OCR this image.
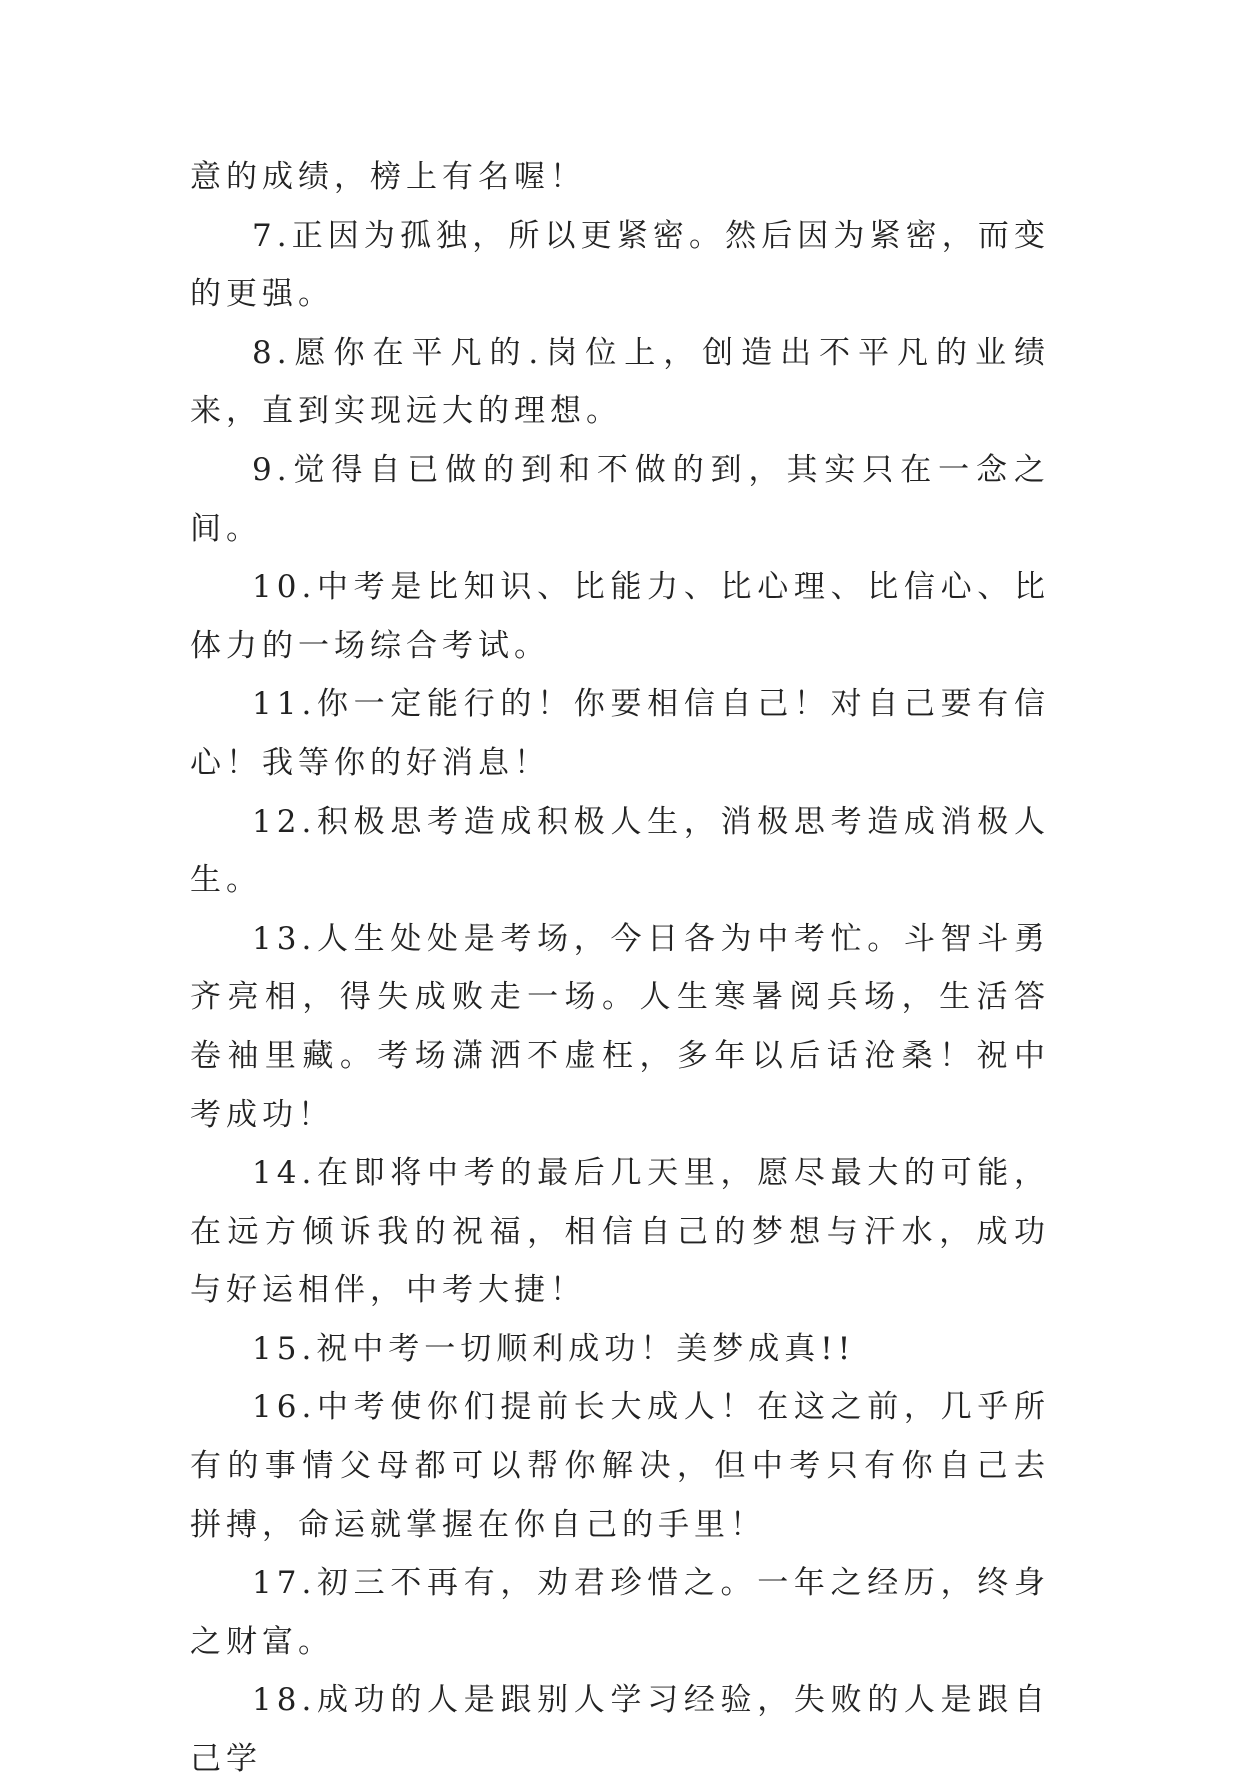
意的成绩，榜上有名喔！

7.正因为孤独，所以更紧密。然后因为紧密，而变的更强。

8.愿你在平凡的.岗位上，创造出不平凡的业绩来，直到实现远大的理想。

9.觉得自已做的到和不做的到，其实只在一念之间。

10.中考是比知识、比能力、比心理、比信心、比体力的一场综合考试。

11.你一定能行的！你要相信自己！对自己要有信心！我等你的好消息！

12.积极思考造成积极人生，消极思考造成消极人生。

13.人生处处是考场，今日各为中考忙。斗智斗勇齐亮相，得失成败走一场。人生寒暑阅兵场，生活答卷袖里藏。考场潇洒不虚枉，多年以后话沧桑！祝中考成功！

14.在即将中考的最后几天里，愿尽最大的可能，在远方倾诉我的祝福，相信自己的梦想与汗水，成功与好运相伴，中考大捷！

15.祝中考一切顺利成功！美梦成真!!

16.中考使你们提前长大成人！在这之前，几乎所有的事情父母都可以帮你解决，但中考只有你自己去拼搏，命运就掌握在你自己的手里！

17.初三不再有，劝君珍惜之。一年之经历，终身之财富。

18.成功的人是跟别人学习经验，失败的人是跟自己学
